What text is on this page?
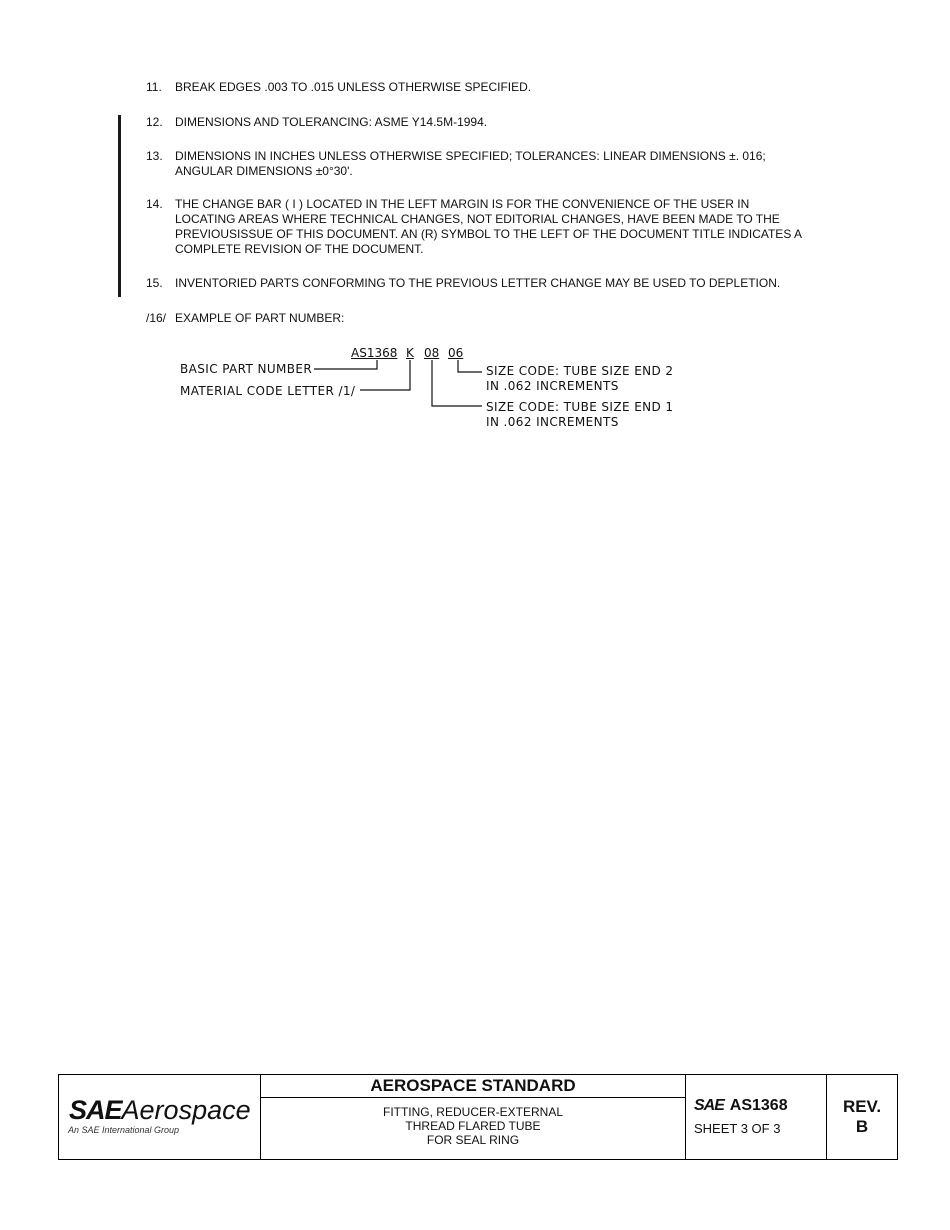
11.	BREAK EDGES .003 TO .015 UNLESS OTHERWISE SPECIFIED.
12.	DIMENSIONS AND TOLERANCING: ASME Y14.5M-1994.
13.	DIMENSIONS IN INCHES UNLESS OTHERWISE SPECIFIED; TOLERANCES: LINEAR DIMENSIONS ±. 016;
ANGULAR DIMENSIONS ±0°30'.
14.	THE CHANGE BAR ( I ) LOCATED IN THE LEFT MARGIN IS FOR THE CONVENIENCE OF THE USER IN
LOCATING AREAS WHERE TECHNICAL CHANGES, NOT EDITORIAL CHANGES, HAVE BEEN MADE TO THE
PREVIOUSISSUE OF THIS DOCUMENT. AN (R) SYMBOL TO THE LEFT OF THE DOCUMENT TITLE INDICATES A
COMPLETE REVISION OF THE DOCUMENT.
15.	INVENTORIED PARTS CONFORMING TO THE PREVIOUS LETTER CHANGE MAY BE USED TO DEPLETION.
/16/ EXAMPLE OF PART NUMBER:
AS1368 K 08 06
BASIC PART NUMBER
MATERIAL CODE LETTER /1/
SIZE CODE: TUBE SIZE END 2
IN .062 INCREMENTS
SIZE CODE: TUBE SIZE END 1
IN .062 INCREMENTS
SAEAerospace
An SAE International Group
AEROSPACE STANDARD
FITTING, REDUCER-EXTERNAL
THREAD FLARED TUBE
FOR SEAL RING
SAE AS1368
SHEET 3 OF 3
REV.
B
